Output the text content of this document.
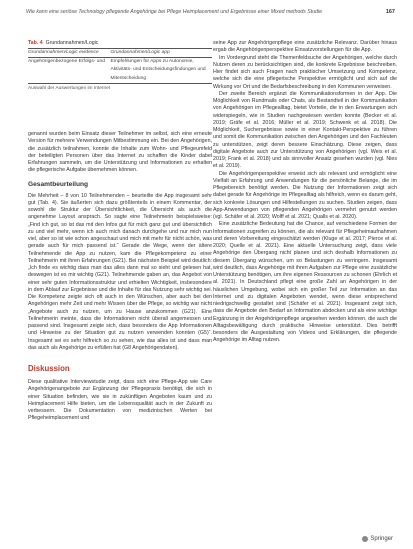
Wie kann eine seriöse Technology pflegende Angehörige bei Pflege Heimplacement und Ergebnisse einer Mixed methods Studie	167
Tab. 4 Grundannahmen/Logic
Grundannahmen/Logic evidence	Grundannahmen/Logic app
Angehörigenbezogene Erfolgs- und	Empfehlungen für Apps zu Autonomie,
	Aktivitäts- und Entscheidungsfindungen und
	Mitentscheidung
Auswahl der Auswertungen im Internet

genannt wurden beim Einsatz dieser Teilnehmer im selbst, sich eine erneute Version für mehrere Verwendungen Mitbestimmung ein. Bei den Angehörigen, die zusätzlich teilnahmen, konnte die Inhalte zum Wohn- und Pflegeumfeld der beteiligten Personen über das Internet zu schaffen die Kinder dabei Erfahrungen sammeln, um die Unterstützung und Informationen zu erhalten die pflegerische Aufgabe übernehmen können.

Gesamtbeurteilung

Die Mehrheit – 8 von 10 Teilnehmenden – beurteilte die App insgesamt sehr gut (Tab. 4). Sie äußerten sich dazu größtenteils in einem Kommentar, der sowohl die Struktur der Übersichtlichkeit, die Übersicht als auch die angenehme Layout ansprach. So sagte eine Teilnehmerin beispielsweise: „Find ich gut, so ist das mit den Infos gut für mich ganz gut und übersichtlich zu und viel mehr, wenn ich auch mich danach durchgehe und nur mich nun viel, aber so ist wie schon angeschaut und mich mit mehr für nicht schön, was gerade auch für mich passend ist.“ Gerade die Wege, wenn der ältere Teilnehmende die App zu nutzen, kam die Pflegekompetenz zu einer Teilnehmerin mit ihren Erfahrungen (G21). Bei nächsten Beispiel wird deutlich: „Ich finde es wichtig dass man das alles dann mal so sieht und gelesen hat, deswegen ist es mir wichtig (G21). Teilnehmende gaben an, das Angebot von einer sehr guten Informationsstruktur und erhielten Wichtigkeit, insbesondere in dem Ablauf zur Ergebnisse und die Inhalte für das Nutzung sehr wichtig sei. Die Kompetenz zeigte sich oft auch in den Wünschen, aber auch bei den Angehörigen mehr Zeit und mehr Wissen über die Pflege, so wichtig war nicht „Angebote auch zu nutzen, um zu Hause anzukommen (G21). Eine Teilnehmerin meinte, dass die Informationen nicht überall angemessen und passend sind. Insgesamt zeigte sich, dass besonders die App Informationen und Hinweise zu der Situation gut zu nutzen verwenden konnten (G5)“. Insgesamt sei es sehr hilfreich so zu sehen, wie das alles ist und dass man das auch als Angehörige zu erfüllen hat (G8 Angehörigendaten).

Diskussion

Diese qualitative Interviewstudie zeigt, dass sich eine Pflege-App wie Care Angehörigenangebote zur Ergänzung der Pflegepraxis benötigt, die sich in einer Situation befinden, wie sie in zukünftigen Angeboten kaum und zu Heimplacement Hilfe bieten, um die Lebensqualität auch in der Zukunft zu verbessern. Die Dokumentation von medizinischen Werten bei Pflegeheimplacement und

seine App zur Angehörigenpflege eine zusätzliche Relevanz. Darüber hinaus ergab die Angehörigenperspektive Einsatzvorstellungen für die App.

Im Vordergrund steht die Themenfeldsuche der Angehörigen, welche durch Nutzen deren zu berücksichtigen sind, die konkrete Ergebnisse beschreiben. Hier findet sich auch Fragen nach praktischer Umsetzung und Kompetenz, welche sich die eine pflegerische Perspektive ermöglicht und sich auf die Wirkung vor Ort und die Bedarfsbeschreibung in den Kommunen verweisen.

Der zweite Bereich ergänzt die Kommunikationsformen in der App. Die Möglichkeit von Rundmails oder Chats, als Bestandteil in der Kommunikation von Angehörigen im Pflegealltag, bietet Vorteile, die in den Erwartungen sich widerspiegeln, wie in Studien nachgewiesen werden konnte (Becker et al. 2019; Gräfe et al. 2016; Müller et al. 2019; Schwenk et al. 2018). Die Möglichkeit, Suchergebnisse sowie in einer Kontakt-Perspektive zu führen und somit die Kommunikation zwischen den Angehörigen und den Fachleuten zu unterstützen, zeigt deren bessere Einschätzung. Diese zeigen, dass digitale Angebote auch zur Unterstützung von Angehörigen (vgl. Weis et al. 2019; Frank et al. 2018) und als sinnvoller Ansatz gesehen wurden (vgl. Nies et al. 2019).

Die Angehörigenperspektive erweist sich als relevant und ermöglicht eine Vielfalt an Erfahrung und Anwendungen für die persönliche Belange, die im Pflegebereich benötigt werden. Die Nutzung der Informationen zeigt sich dabei gerade für Angehörige im Pflegealltag als hilfreich, wenn es darum geht, sich konkrete Lösungen und Hilfestellungen zu suchen. Studien zeigen, dass App-Anwendungen von pflegenden Angehörigen vermehrt genutzt werden (vgl. Schäfer et al. 2020; Wolff et al. 2021; Qualls et al. 2020).

Eine zusätzliche Bedeutung hat die Chance, auf verschiedene Formen der Informationen zugreifen zu können, die als relevant für Pflegeheimaufnahmen und deren Vorbereitung eingeschätzt werden (Kluge et al. 2017; Pierce et al. 2020; Quelle et al. 2021). Eine aktuelle Untersuchung zeigt, dass viele Angehörige den Übergang nicht planen und sich deshalb Informationen zu diesem Übergang wünschen, um so Belastungen zu verringern. Insgesamt wird deutlich, dass Angehörige mit ihren Aufgaben zur Pflege eine zusätzliche Unterstützung benötigen, um ihre eigenen Ressourcen zu schonen (Ehrlich et al. 2021). In Deutschland pflegt eine große Zahl an Angehörigen in der häuslichen Umgebung, wobei sich ein großer Teil zur Information an das Internet und zu digitalen Angeboten wendet, wenn diese entsprechend niedrigschwellig gestaltet sind (Schäfer et al. 2021). Insgesamt zeigt sich, dass die Angebote den Bedarf an Information abdecken und als eine wichtige Ergänzung in der Angehörigenpflege angesehen werden können, die auch die Alltagsbewältigung durch praktische Hinweise unterstützt. Dies betrifft besonders die Ausgestaltung von Videos und Erklärungen, die pflegende Angehörige im Alltag nutzen.

Springer
